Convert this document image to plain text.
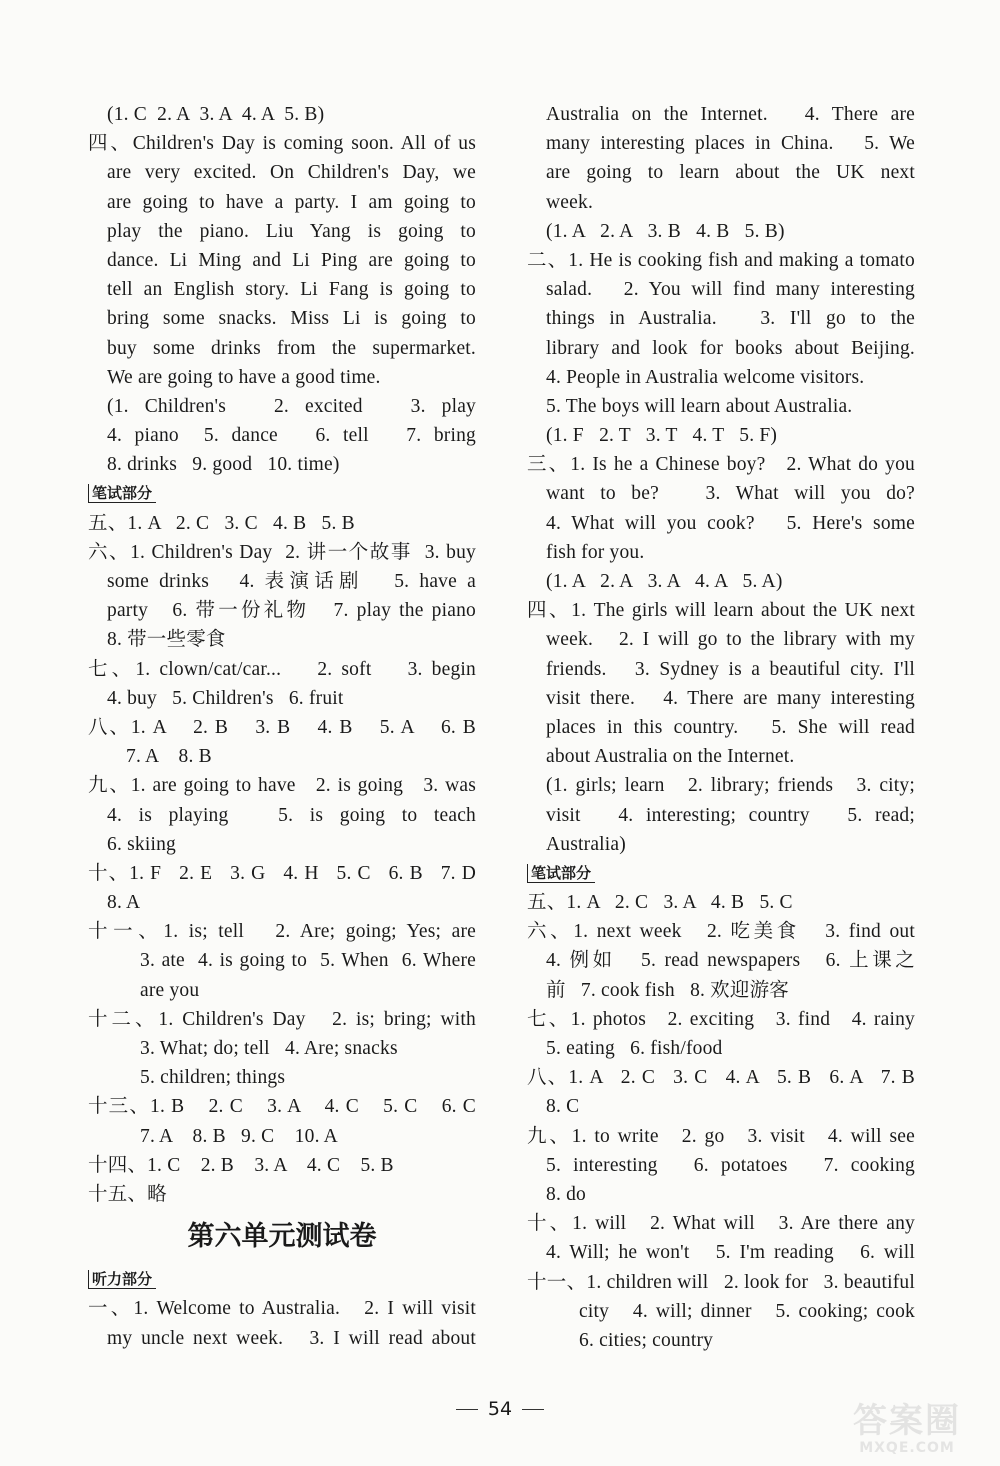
(1. C  2. A  3. A  4. A  5. B)
四、Children's Day is coming soon. All of us
are very excited. On Children's Day, we
are going to have a party. I am going to
play the piano. Liu Yang is going to
dance. Li Ming and Li Ping are going to
tell an English story. Li Fang is going to
bring some snacks. Miss Li is going to
buy some drinks from the supermarket.
We are going to have a good time.
(1. Children's   2. excited   3. play
4. piano  5. dance   6. tell   7. bring
8. drinks   9. good   10. time)
笔试部分
五、1. A   2. C   3. C   4. B   5. B
六、1. Children's Day  2. 讲一个故事  3. buy
some drinks   4. 表演话剧   5. have a
party   6. 带一份礼物   7. play the piano
8. 带一些零食
七、1. clown/cat/car...    2. soft    3. begin
4. buy   5. Children's   6. fruit
八、1. A    2. B    3. B    4. B    5. A    6. B
7. A    8. B
九、1. are going to have   2. is going   3. was
4. is playing   5. is going to teach
6. skiing
十、1. F   2. E   3. G   4. H   5. C   6. B   7. D
8. A
十一、1. is; tell   2. Are; going; Yes; are
3. ate  4. is going to  5. When  6. Where
are you
十二、1. Children's Day   2. is; bring; with
3. What; do; tell   4. Are; snacks
5. children; things
十三、1. B    2. C    3. A    4. C    5. C    6. C
7. A    8. B   9. C    10. A
十四、1. C    2. B    3. A    4. C    5. B
十五、略
第六单元测试卷
听力部分
一、1. Welcome to Australia.   2. I will visit
my uncle next week.   3. I will read about
Australia on the Internet.   4. There are
many interesting places in China.   5. We
are going to learn about the UK next
week.
(1. A   2. A   3. B   4. B   5. B)
二、1. He is cooking fish and making a tomato
salad.   2. You will find many interesting
things in Australia.   3. I'll go to the
library and look for books about Beijing.
4. People in Australia welcome visitors.
5. The boys will learn about Australia.
(1. F   2. T   3. T   4. T   5. F)
三、1. Is he a Chinese boy?   2. What do you
want to be?   3. What will you do?
4. What will you cook?   5. Here's some
fish for you.
(1. A   2. A   3. A   4. A   5. A)
四、1. The girls will learn about the UK next
week.   2. I will go to the library with my
friends.   3. Sydney is a beautiful city. I'll
visit there.   4. There are many interesting
places in this country.   5. She will read
about Australia on the Internet.
(1. girls; learn   2. library; friends   3. city;
visit   4. interesting; country   5. read;
Australia)
笔试部分
五、1. A   2. C   3. A   4. B   5. C
六、1. next week   2. 吃美食   3. find out
4. 例如   5. read newspapers   6. 上课之
前   7. cook fish   8. 欢迎游客
七、1. photos   2. exciting   3. find   4. rainy
5. eating   6. fish/food
八、1. A   2. C   3. C   4. A   5. B   6. A   7. B
8. C
九、1. to write   2. go   3. visit   4. will see
5. interesting   6. potatoes   7. cooking
8. do
十、1. will   2. What will   3. Are there any
4. Will; he won't   5. I'm reading   6. will
十一、1. children will   2. look for   3. beautiful
city   4. will; dinner   5. cooking; cook
6. cities; country
54	答案圈
MXQE.COM
